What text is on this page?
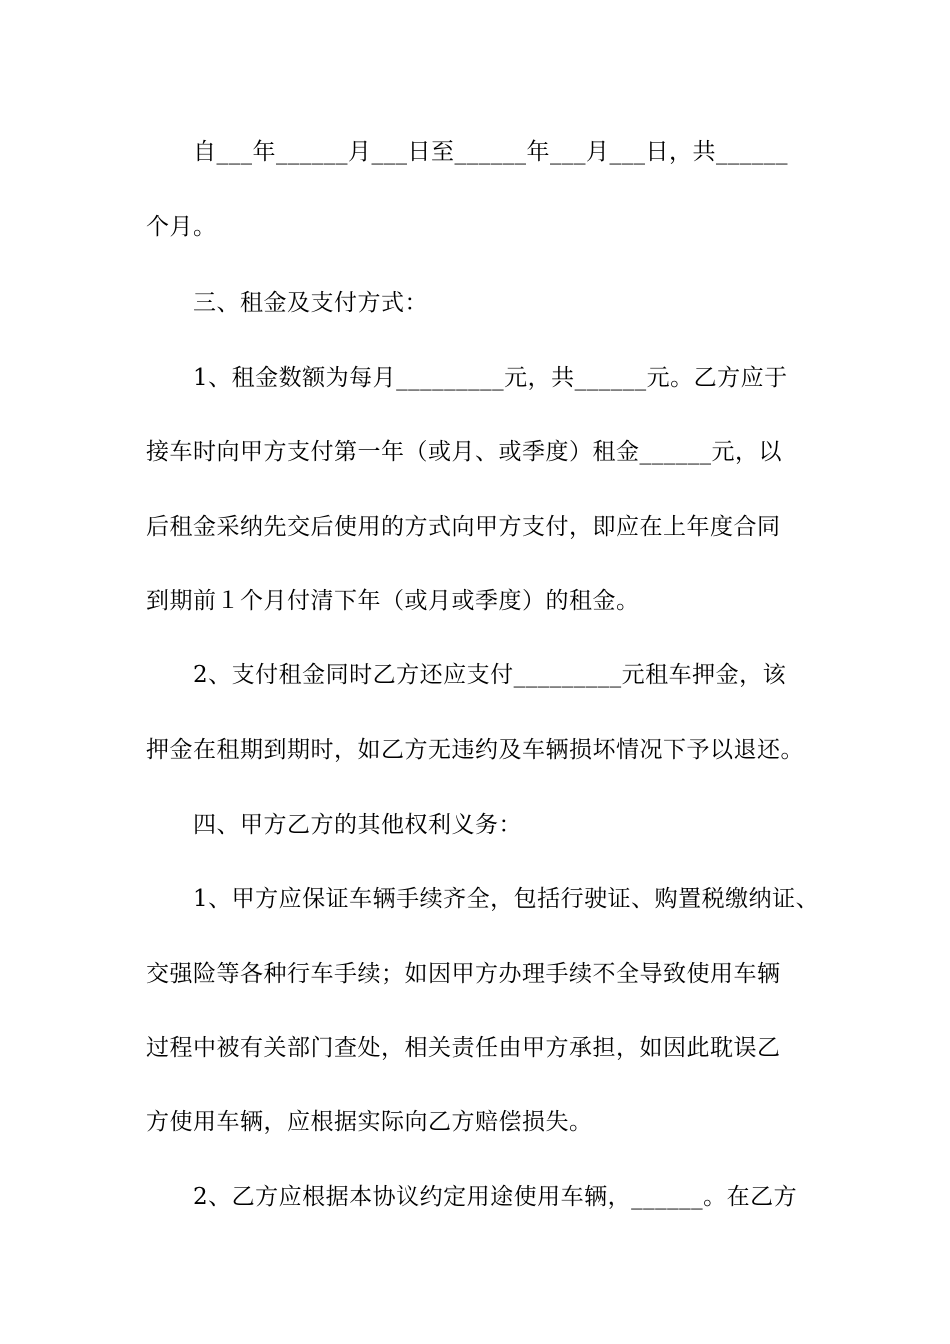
　　自___年______月___日至______年___月___日，共______
个月。
　　三、租金及支付方式：
　　1、租金数额为每月_________元，共______元。乙方应于
接车时向甲方支付第一年（或月、或季度）租金______元，以
后租金采纳先交后使用的方式向甲方支付，即应在上年度合同
到期前１个月付清下年（或月或季度）的租金。
　　2、支付租金同时乙方还应支付_________元租车押金，该
押金在租期到期时，如乙方无违约及车辆损坏情况下予以退还。
　　四、甲方乙方的其他权利义务：
　　1、甲方应保证车辆手续齐全，包括行驶证、购置税缴纳证、
交强险等各种行车手续；如因甲方办理手续不全导致使用车辆
过程中被有关部门查处，相关责任由甲方承担，如因此耽误乙
方使用车辆，应根据实际向乙方赔偿损失。
　　2、乙方应根据本协议约定用途使用车辆，______。在乙方
